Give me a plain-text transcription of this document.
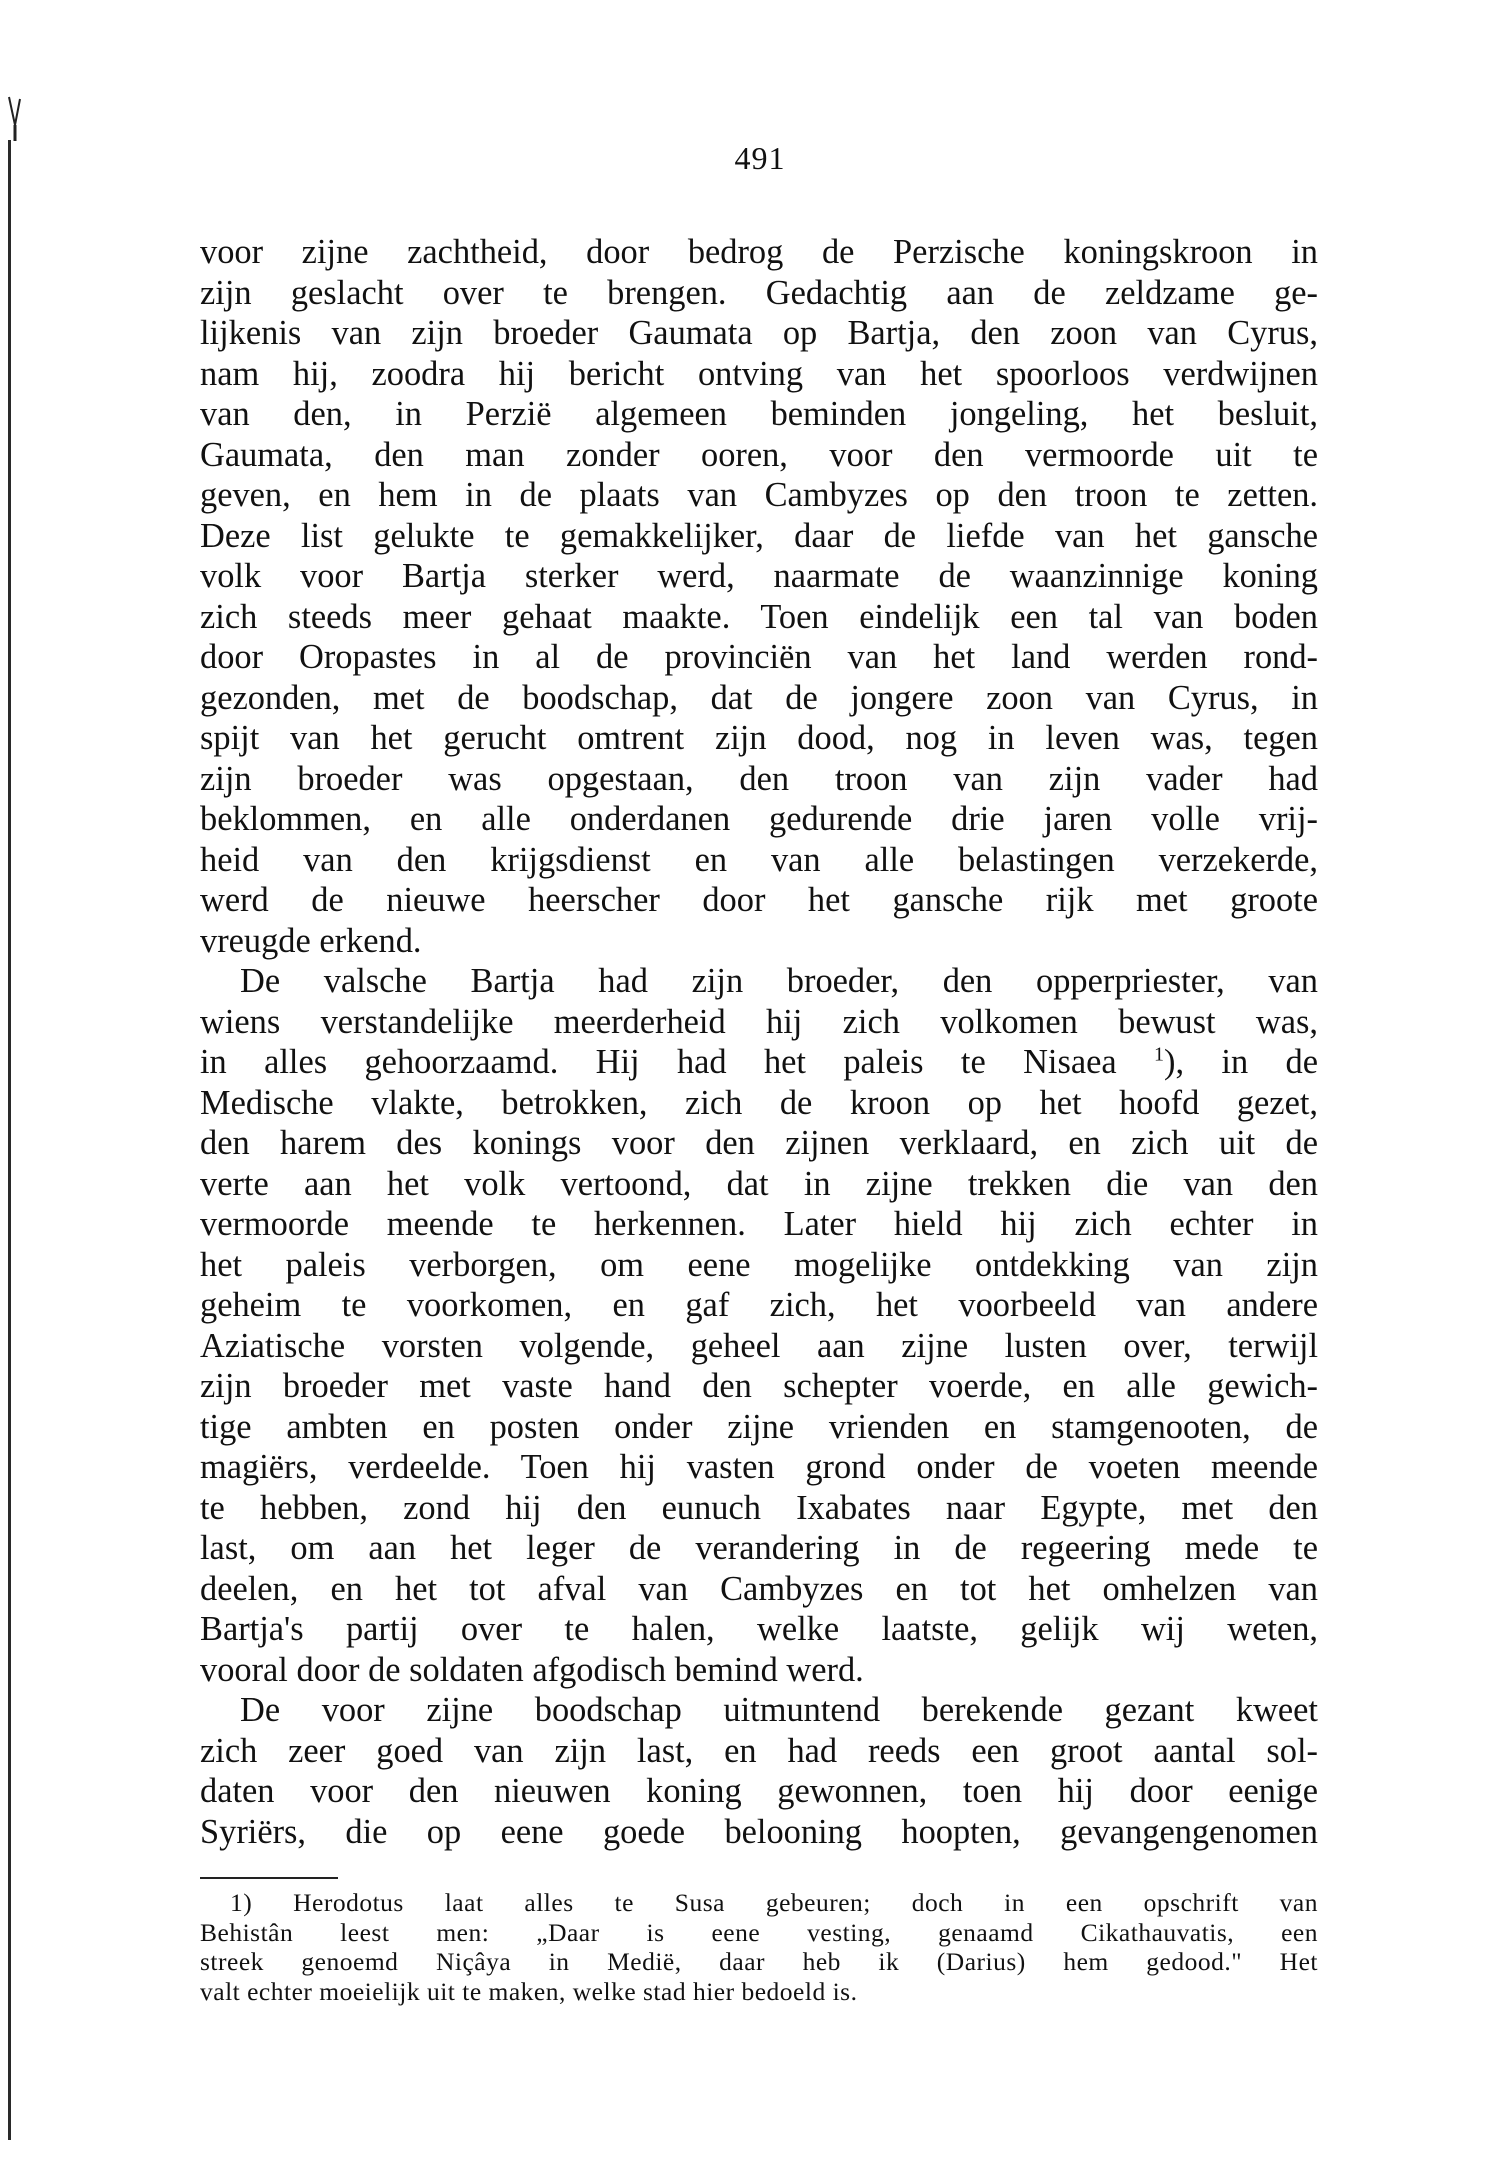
491
voor zijne zachtheid, door bedrog de Perzische koningskroon in
zijn geslacht over te brengen. Gedachtig aan de zeldzame ge-
lijkenis van zijn broeder Gaumata op Bartja, den zoon van Cyrus,
nam hij, zoodra hij bericht ontving van het spoorloos verdwijnen
van den, in Perzië algemeen beminden jongeling, het besluit,
Gaumata, den man zonder ooren, voor den vermoorde uit te
geven, en hem in de plaats van Cambyzes op den troon te zetten.
Deze list gelukte te gemakkelijker, daar de liefde van het gansche
volk voor Bartja sterker werd, naarmate de waanzinnige koning
zich steeds meer gehaat maakte. Toen eindelijk een tal van boden
door Oropastes in al de provinciën van het land werden rond-
gezonden, met de boodschap, dat de jongere zoon van Cyrus, in
spijt van het gerucht omtrent zijn dood, nog in leven was, tegen
zijn broeder was opgestaan, den troon van zijn vader had
beklommen, en alle onderdanen gedurende drie jaren volle vrij-
heid van den krijgsdienst en van alle belastingen verzekerde,
werd de nieuwe heerscher door het gansche rijk met groote
vreugde erkend.
De valsche Bartja had zijn broeder, den opperpriester, van
wiens verstandelijke meerderheid hij zich volkomen bewust was,
in alles gehoorzaamd. Hij had het paleis te Nisaea $^1$), in de
Medische vlakte, betrokken, zich de kroon op het hoofd gezet,
den harem des konings voor den zijnen verklaard, en zich uit de
verte aan het volk vertoond, dat in zijne trekken die van den
vermoorde meende te herkennen. Later hield hij zich echter in
het paleis verborgen, om eene mogelijke ontdekking van zijn
geheim te voorkomen, en gaf zich, het voorbeeld van andere
Aziatische vorsten volgende, geheel aan zijne lusten over, terwijl
zijn broeder met vaste hand den schepter voerde, en alle gewich-
tige ambten en posten onder zijne vrienden en stamgenooten, de
magiërs, verdeelde. Toen hij vasten grond onder de voeten meende
te hebben, zond hij den eunuch Ixabates naar Egypte, met den
last, om aan het leger de verandering in de regeering mede te
deelen, en het tot afval van Cambyzes en tot het omhelzen van
Bartja's partij over te halen, welke laatste, gelijk wij weten,
vooral door de soldaten afgodisch bemind werd.
De voor zijne boodschap uitmuntend berekende gezant kweet
zich zeer goed van zijn last, en had reeds een groot aantal sol-
daten voor den nieuwen koning gewonnen, toen hij door eenige
Syriërs, die op eene goede belooning hoopten, gevangengenomen
1) Herodotus laat alles te Susa gebeuren; doch in een opschrift van
Behistân leest men: „Daar is eene vesting, genaamd Cikathauvatis, een
streek genoemd Niçâya in Medië, daar heb ik (Darius) hem gedood." Het
valt echter moeielijk uit te maken, welke stad hier bedoeld is.
